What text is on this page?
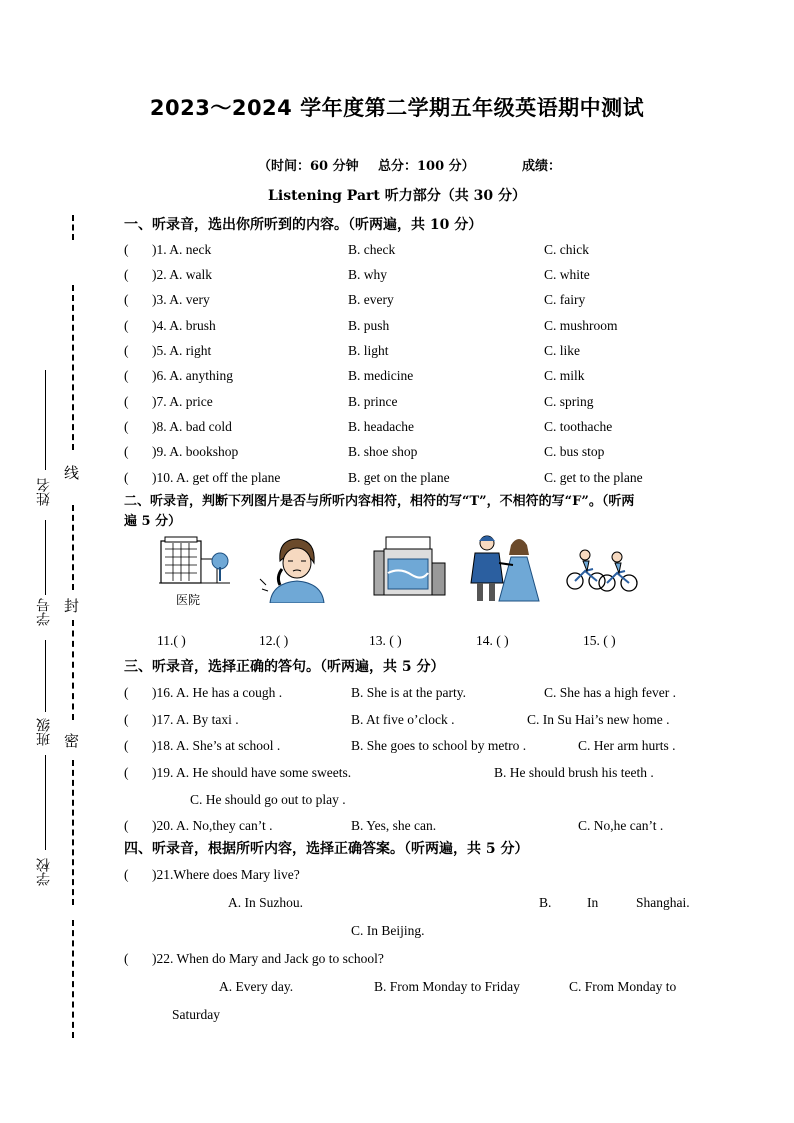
2023～2024 学年度第二学期五年级英语期中测试
（时间：60 分钟 总分：100 分）	成绩：
Listening Part 听力部分（共 30 分）
线
封
密
姓名
学号
班级
学校
一、听录音，选出你所听到的内容。（听两遍，共 10 分）
( )1. A. neck	B. check	C. chick
( )2. A. walk	B. why	C. white
( )3. A. very	B. every	C. fairy
( )4. A. brush	B. push	C. mushroom
( )5. A. right	B. light	C. like
( )6. A. anything	B. medicine	C. milk
( )7. A. price	B. prince	C. spring
( )8. A. bad cold	B. headache	C. toothache
( )9. A. bookshop	B. shoe shop	C. bus stop
( )10. A. get off the plane	B. get on the plane	C. get to the plane
二、听录音，判断下列图片是否与所听内容相符，相符的写“T”，不相符的写“F”。（听两
遍 5 分）
医院
11.( )	12.( )	13. ( )	14. ( )	15. ( )
三、听录音，选择正确的答句。（听两遍，共 5 分）
( )16. A. He has a cough .	B. She is at the party.	C. She has a high fever .
( )17. A. By taxi .	B. At five o’clock .	C. In Su Hai’s new home .
( )18. A. She’s at school .	B. She goes to school by metro .	C. Her arm hurts .
( )19. A. He should have some sweets.	B. He should brush his teeth .
C. He should go out to play .
( )20. A. No,they can’t .	B. Yes, she can.	C. No,he can’t .
四、听录音，根据所听内容，选择正确答案。（听两遍，共 5 分）
( )21.Where does Mary live?
A. In Suzhou.	B.	In	Shanghai.
C. In Beijing.
( )22. When do Mary and Jack go to school?
A. Every day.	B. From Monday to Friday	C. From Monday to
Saturday
